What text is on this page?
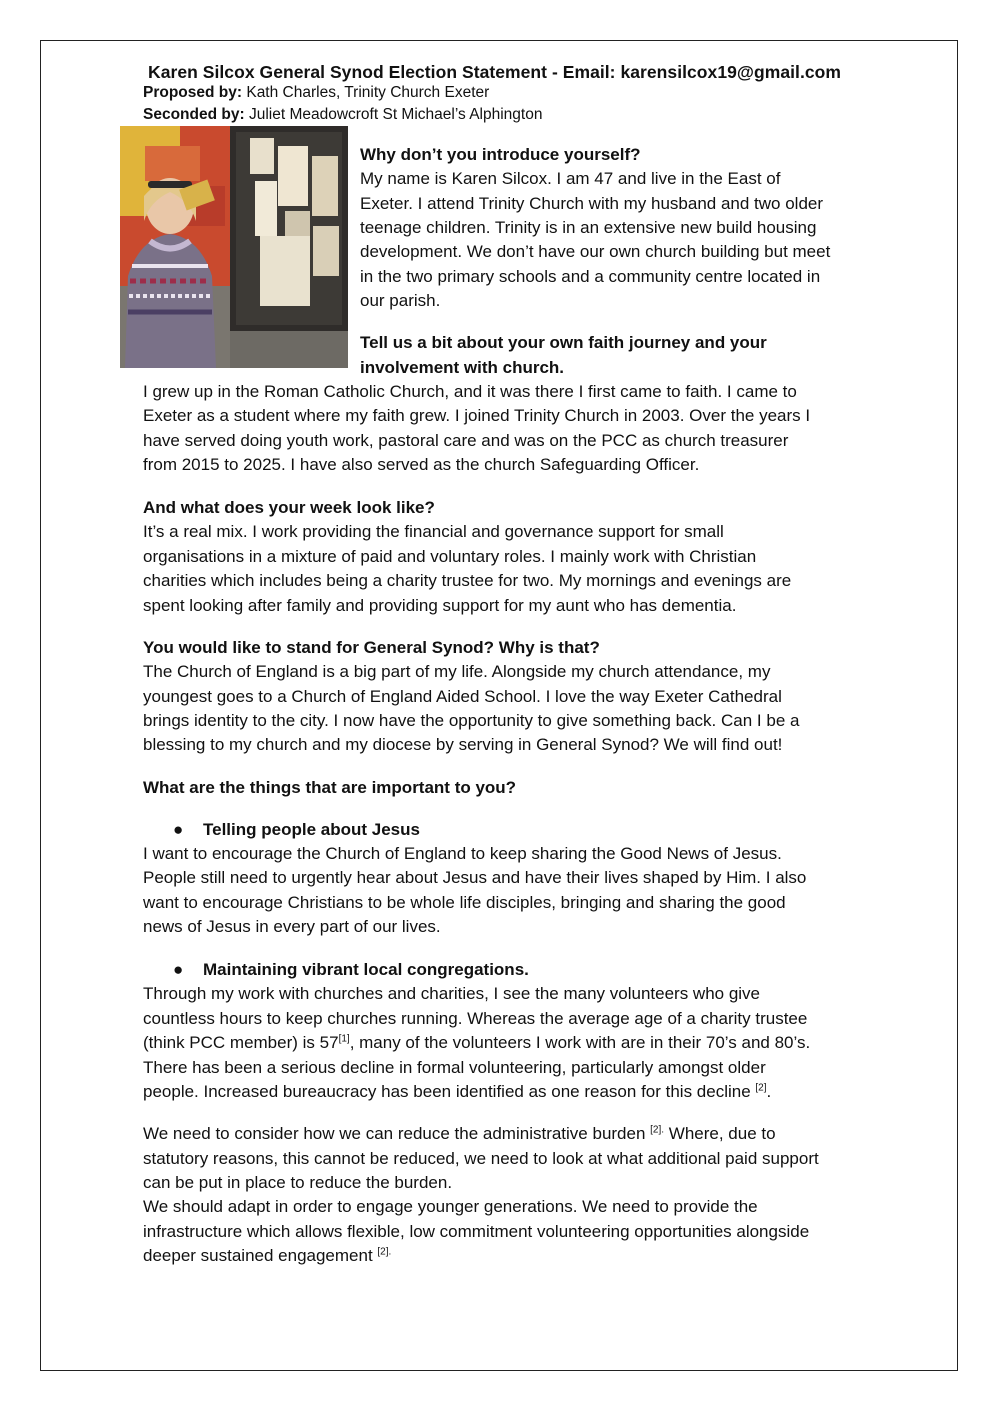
Karen Silcox General Synod Election Statement - Email: karensilcox19@gmail.com
Proposed by: Kath Charles, Trinity Church Exeter
Seconded by: Juliet Meadowcroft St Michael’s Alphington
Why don’t you introduce yourself?
My name is Karen Silcox. I am 47 and live in the East of
Exeter. I attend Trinity Church with my husband and two older
teenage children. Trinity is in an extensive new build housing
development. We don’t have our own church building but meet
in the two primary schools and a community centre located in
our parish.
Tell us a bit about your own faith journey and your
involvement with church.
I grew up in the Roman Catholic Church, and it was there I first came to faith. I came to
Exeter as a student where my faith grew. I joined Trinity Church in 2003. Over the years I
have served doing youth work, pastoral care and was on the PCC as church treasurer
from 2015 to 2025. I have also served as the church Safeguarding Officer.
And what does your week look like?
It’s a real mix. I work providing the financial and governance support for small
organisations in a mixture of paid and voluntary roles. I mainly work with Christian
charities which includes being a charity trustee for two. My mornings and evenings are
spent looking after family and providing support for my aunt who has dementia.
You would like to stand for General Synod? Why is that?
The Church of England is a big part of my life. Alongside my church attendance, my
youngest goes to a Church of England Aided School. I love the way Exeter Cathedral
brings identity to the city. I now have the opportunity to give something back. Can I be a
blessing to my church and my diocese by serving in General Synod? We will find out!
What are the things that are important to you?
● Telling people about Jesus
I want to encourage the Church of England to keep sharing the Good News of Jesus.
People still need to urgently hear about Jesus and have their lives shaped by Him. I also
want to encourage Christians to be whole life disciples, bringing and sharing the good
news of Jesus in every part of our lives.
● Maintaining vibrant local congregations.
Through my work with churches and charities, I see the many volunteers who give
countless hours to keep churches running. Whereas the average age of a charity trustee
(think PCC member) is 57[1], many of the volunteers I work with are in their 70’s and 80’s.
There has been a serious decline in formal volunteering, particularly amongst older
people. Increased bureaucracy has been identified as one reason for this decline [2].
We need to consider how we can reduce the administrative burden $^{[2].}$ Where, due to
statutory reasons, this cannot be reduced, we need to look at what additional paid support
can be put in place to reduce the burden.
We should adapt in order to engage younger generations. We need to provide the
infrastructure which allows flexible, low commitment volunteering opportunities alongside
deeper sustained engagement $^{[2].}$
